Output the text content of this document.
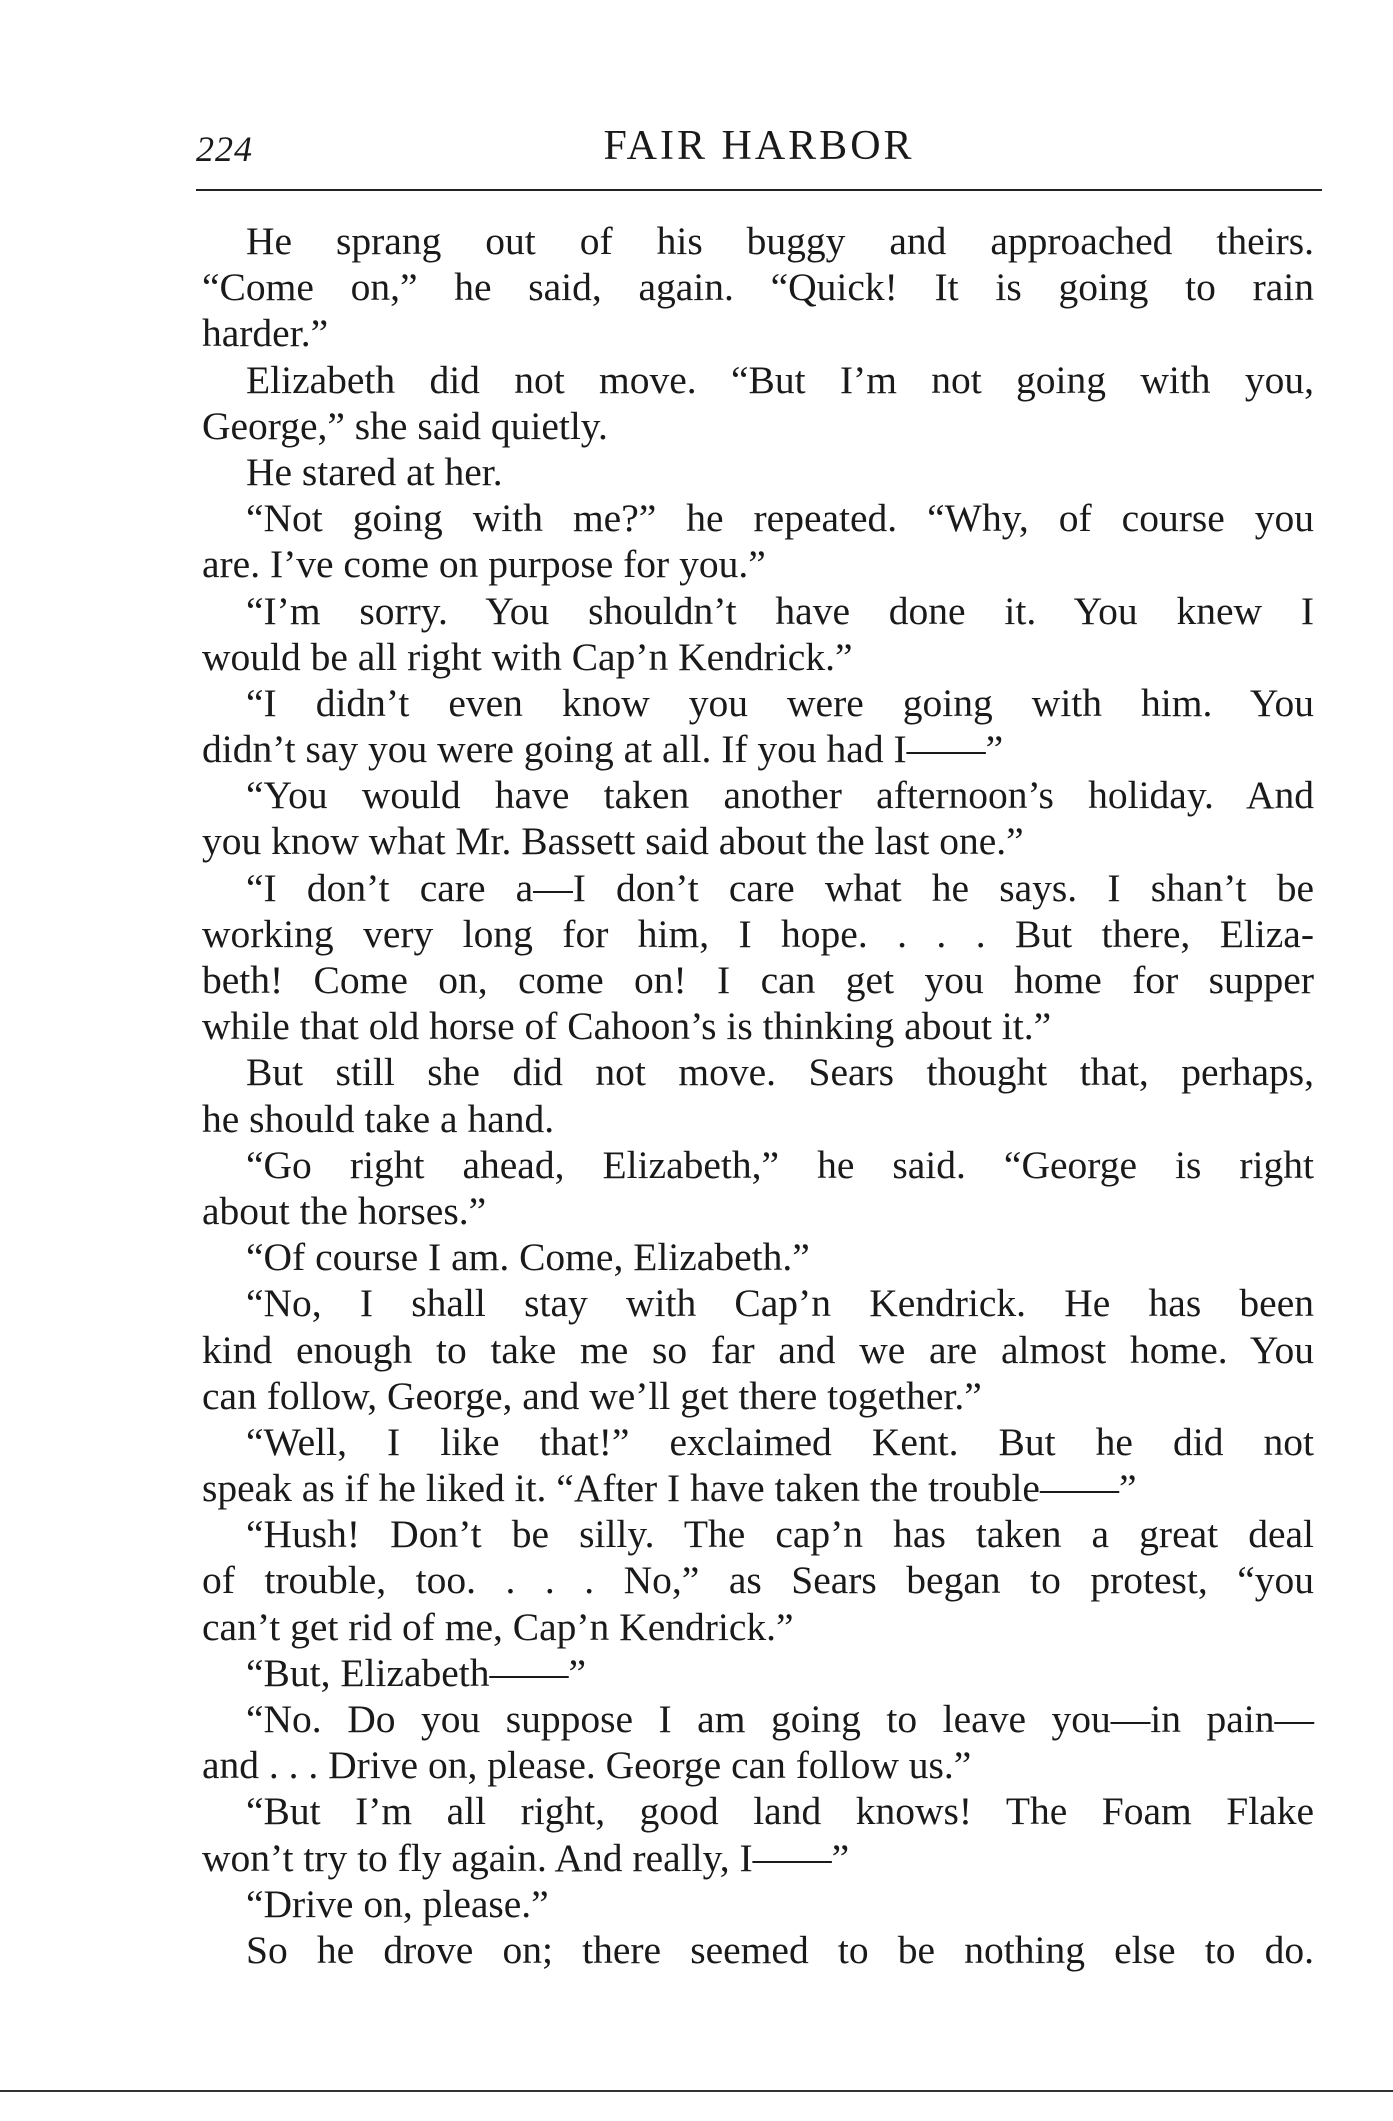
224	FAIR HARBOR
He sprang out of his buggy and approached theirs.
“Come on,” he said, again. “Quick! It is going to rain
harder.”
Elizabeth did not move. “But I’m not going with you,
George,” she said quietly.
He stared at her.
“Not going with me?” he repeated. “Why, of course you
are. I’ve come on purpose for you.”
“I’m sorry. You shouldn’t have done it. You knew I
would be all right with Cap’n Kendrick.”
“I didn’t even know you were going with him. You
didn’t say you were going at all. If you had I——”
“You would have taken another afternoon’s holiday. And
you know what Mr. Bassett said about the last one.”
“I don’t care a—I don’t care what he says. I shan’t be
working very long for him, I hope. . . . But there, Eliza-
beth! Come on, come on! I can get you home for supper
while that old horse of Cahoon’s is thinking about it.”
But still she did not move. Sears thought that, perhaps,
he should take a hand.
“Go right ahead, Elizabeth,” he said. “George is right
about the horses.”
“Of course I am. Come, Elizabeth.”
“No, I shall stay with Cap’n Kendrick. He has been
kind enough to take me so far and we are almost home. You
can follow, George, and we’ll get there together.”
“Well, I like that!” exclaimed Kent. But he did not
speak as if he liked it. “After I have taken the trouble——”
“Hush! Don’t be silly. The cap’n has taken a great deal
of trouble, too. . . . No,” as Sears began to protest, “you
can’t get rid of me, Cap’n Kendrick.”
“But, Elizabeth——”
“No. Do you suppose I am going to leave you—in pain—
and . . . Drive on, please. George can follow us.”
“But I’m all right, good land knows! The Foam Flake
won’t try to fly again. And really, I——”
“Drive on, please.”
So he drove on; there seemed to be nothing else to do.
